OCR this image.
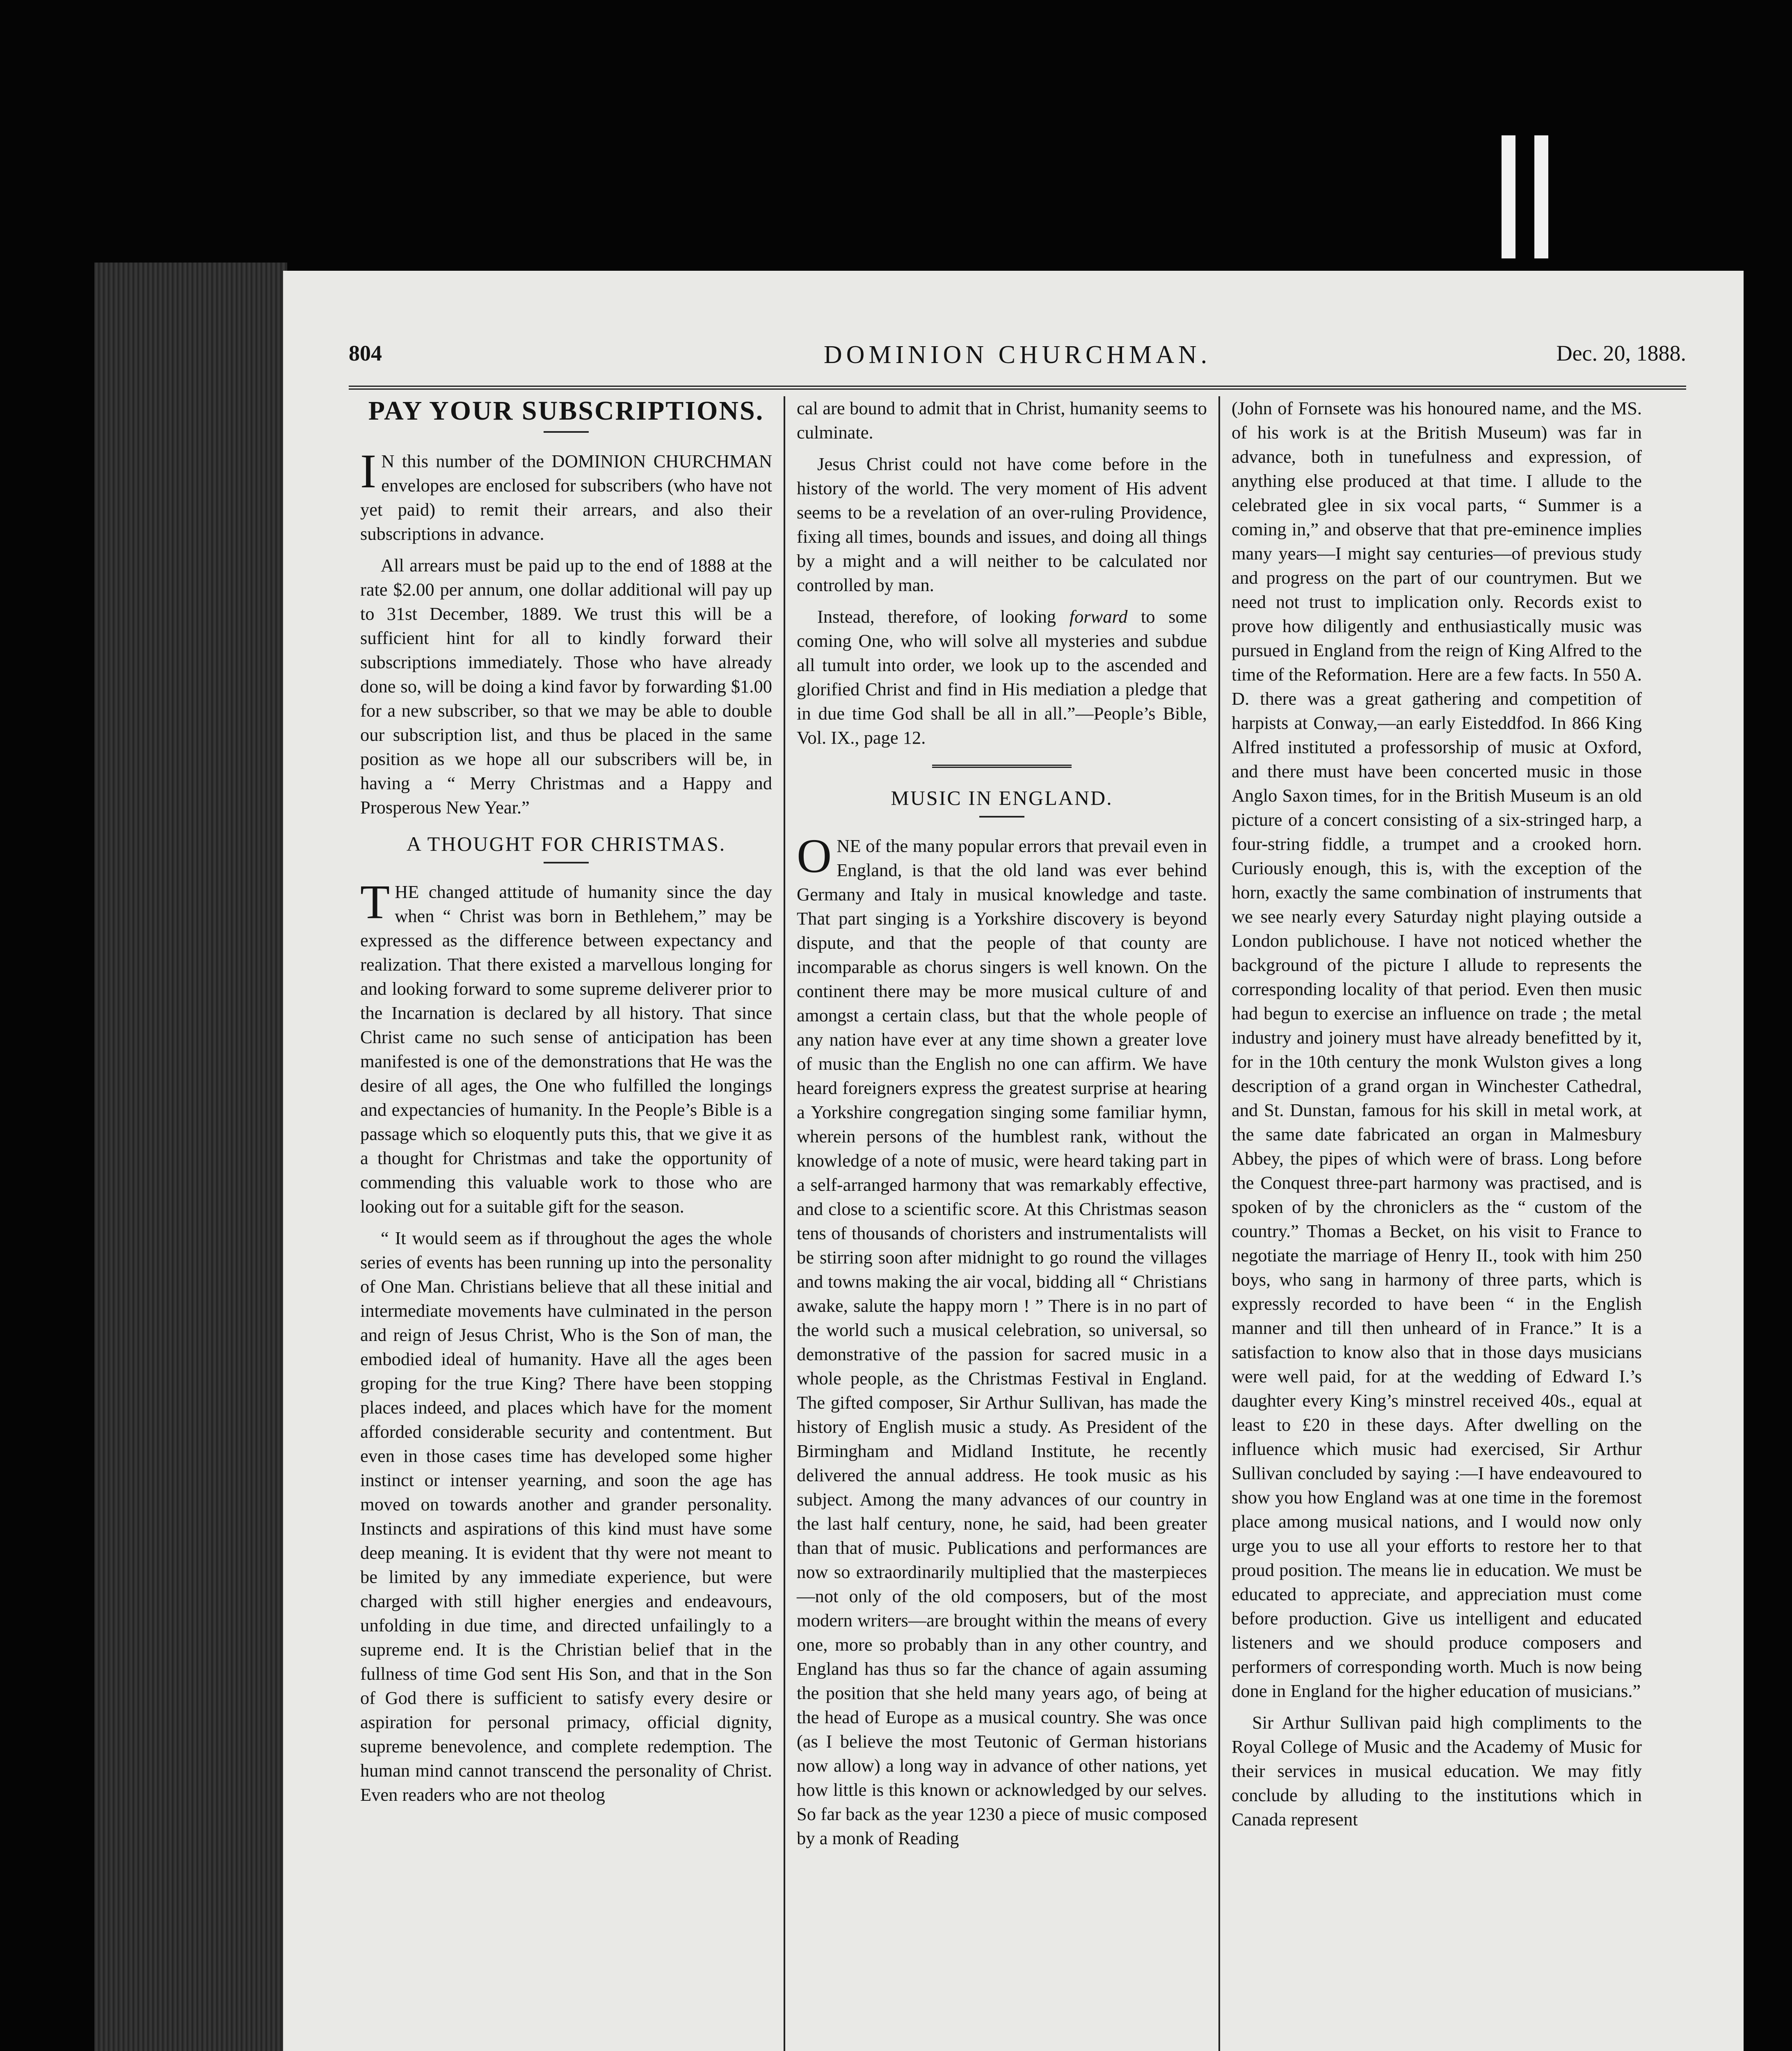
804	DOMINION CHURCHMAN.	Dec. 20, 1888.
PAY YOUR SUBSCRIPTIONS.

I N this number of the DOMINION CHURCHMAN envelopes are enclosed for subscribers (who have not yet paid) to remit their arrears, and also their subscriptions in advance.

All arrears must be paid up to the end of 1888 at the rate $2.00 per annum, one dollar additional will pay up to 31st December, 1889. We trust this will be a sufficient hint for all to kindly forward their subscriptions immediately. Those who have already done so, will be doing a kind favor by forwarding $1.00 for a new subscriber, so that we may be able to double our subscription list, and thus be placed in the same position as we hope all our subscribers will be, in having a “ Merry Christmas and a Happy and Prosperous New Year.”

A THOUGHT FOR CHRISTMAS.

THE changed attitude of humanity since the day when “ Christ was born in Bethlehem,” may be expressed as the difference between expectancy and realization. That there existed a marvellous longing for and looking forward to some supreme deliverer prior to the Incarnation is declared by all history. That since Christ came no such sense of anticipation has been manifested is one of the demonstrations that He was the desire of all ages, the One who fulfilled the longings and expectancies of humanity. In the People’s Bible is a passage which so eloquently puts this, that we give it as a thought for Christmas and take the opportunity of commending this valuable work to those who are looking out for a suitable gift for the season.

“ It would seem as if throughout the ages the whole series of events has been running up into the personality of One Man. Christians believe that all these initial and intermediate movements have culminated in the person and reign of Jesus Christ, Who is the Son of man, the embodied ideal of humanity. Have all the ages been groping for the true King? There have been stopping places indeed, and places which have for the moment afforded considerable security and contentment. But even in those cases time has developed some higher instinct or intenser yearning, and soon the age has moved on towards another and grander personality. Instincts and aspirations of this kind must have some deep meaning. It is evident that thy were not meant to be limited by any immediate experience, but were charged with still higher energies and endeavours, unfolding in due time, and directed unfailingly to a supreme end. It is the Christian belief that in the fullness of time God sent His Son, and that in the Son of God there is sufficient to satisfy every desire or aspiration for personal primacy, official dignity, supreme benevolence, and complete redemption. The human mind cannot transcend the personality of Christ. Even readers who are not theolog

cal are bound to admit that in Christ, humanity seems to culminate.

Jesus Christ could not have come before in the history of the world. The very moment of His advent seems to be a revelation of an over-ruling Providence, fixing all times, bounds and issues, and doing all things by a might and a will neither to be calculated nor controlled by man.

Instead, therefore, of looking forward to some coming One, who will solve all mysteries and subdue all tumult into order, we look up to the ascended and glorified Christ and find in His mediation a pledge that in due time God shall be all in all.”—People’s Bible, Vol. IX., page 12.

MUSIC IN ENGLAND.

ONE of the many popular errors that prevail even in England, is that the old land was ever behind Germany and Italy in musical knowledge and taste. That part singing is a Yorkshire discovery is beyond dispute, and that the people of that county are incomparable as chorus singers is well known. On the continent there may be more musical culture of and amongst a certain class, but that the whole people of any nation have ever at any time shown a greater love of music than the English no one can affirm. We have heard foreigners express the greatest surprise at hearing a Yorkshire congregation singing some familiar hymn, wherein persons of the humblest rank, without the knowledge of a note of music, were heard taking part in a self-arranged harmony that was remarkably effective, and close to a scientific score. At this Christmas season tens of thousands of choristers and instrumentalists will be stirring soon after midnight to go round the villages and towns making the air vocal, bidding all “ Christians awake, salute the happy morn ! ” There is in no part of the world such a musical celebration, so universal, so demonstrative of the passion for sacred music in a whole people, as the Christmas Festival in England. The gifted composer, Sir Arthur Sullivan, has made the history of English music a study. As President of the Birmingham and Midland Institute, he recently delivered the annual address. He took music as his subject. Among the many advances of our country in the last half century, none, he said, had been greater than that of music. Publications and performances are now so extraordinarily multiplied that the masterpieces—not only of the old composers, but of the most modern writers—are brought within the means of every one, more so probably than in any other country, and England has thus so far the chance of again assuming the position that she held many years ago, of being at the head of Europe as a musical country. She was once (as I believe the most Teutonic of German historians now allow) a long way in advance of other nations, yet how little is this known or acknowledged by our selves. So far back as the year 1230 a piece of music composed by a monk of Reading

(John of Fornsete was his honoured name, and the MS. of his work is at the British Museum) was far in advance, both in tunefulness and expression, of anything else produced at that time. I allude to the celebrated glee in six vocal parts, “ Summer is a coming in,” and observe that that pre-eminence implies many years—I might say centuries—of previous study and progress on the part of our countrymen. But we need not trust to implication only. Records exist to prove how diligently and enthusiastically music was pursued in England from the reign of King Alfred to the time of the Reformation. Here are a few facts. In 550 A. D. there was a great gathering and competition of harpists at Conway,—an early Eisteddfod. In 866 King Alfred instituted a professorship of music at Oxford, and there must have been concerted music in those Anglo Saxon times, for in the British Museum is an old picture of a concert consisting of a six-stringed harp, a four-string fiddle, a trumpet and a crooked horn. Curiously enough, this is, with the exception of the horn, exactly the same combination of instruments that we see nearly every Saturday night playing outside a London publichouse. I have not noticed whether the background of the picture I allude to represents the corresponding locality of that period. Even then music had begun to exercise an influence on trade ; the metal industry and joinery must have already benefitted by it, for in the 10th century the monk Wulston gives a long description of a grand organ in Winchester Cathedral, and St. Dunstan, famous for his skill in metal work, at the same date fabricated an organ in Malmesbury Abbey, the pipes of which were of brass. Long before the Conquest three-part harmony was practised, and is spoken of by the chroniclers as the “ custom of the country.” Thomas a Becket, on his visit to France to negotiate the marriage of Henry II., took with him 250 boys, who sang in harmony of three parts, which is expressly recorded to have been “ in the English manner and till then unheard of in France.” It is a satisfaction to know also that in those days musicians were well paid, for at the wedding of Edward I.’s daughter every King’s minstrel received 40s., equal at least to £20 in these days. After dwelling on the influence which music had exercised, Sir Arthur Sullivan concluded by saying :—I have endeavoured to show you how England was at one time in the foremost place among musical nations, and I would now only urge you to use all your efforts to restore her to that proud position. The means lie in education. We must be educated to appreciate, and appreciation must come before production. Give us intelligent and educated listeners and we should produce composers and performers of corresponding worth. Much is now being done in England for the higher education of musicians.”

Sir Arthur Sullivan paid high compliments to the Royal College of Music and the Academy of Music for their services in musical education. We may fitly conclude by alluding to the institutions which in Canada represent
